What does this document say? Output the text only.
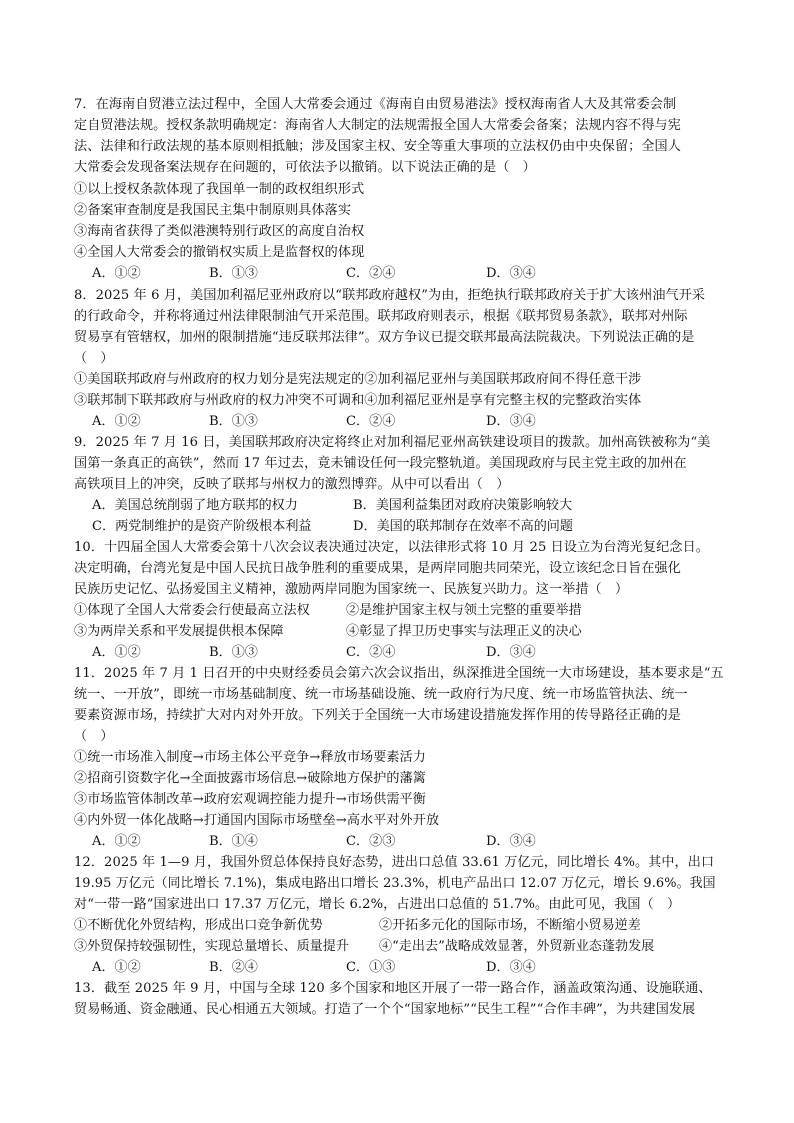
7．在海南自贸港立法过程中，全国人大常委会通过《海南自由贸易港法》授权海南省人大及其常委会制
定自贸港法规。授权条款明确规定：海南省人大制定的法规需报全国人大常委会备案；法规内容不得与宪
法、法律和行政法规的基本原则相抵触；涉及国家主权、安全等重大事项的立法权仍由中央保留；全国人
大常委会发现备案法规存在问题的，可依法予以撤销。以下说法正确的是（　）
①以上授权条款体现了我国单一制的政权组织形式
②备案审查制度是我国民主集中制原则具体落实
③海南省获得了类似港澳特别行政区的高度自治权
④全国人大常委会的撤销权实质上是监督权的体现
A．①②	B．①③	C．②④	D．③④
8．2025 年 6 月，美国加利福尼亚州政府以“联邦政府越权”为由，拒绝执行联邦政府关于扩大该州油气开采
的行政命令，并称将通过州法律限制油气开采范围。联邦政府则表示，根据《联邦贸易条款》，联邦对州际
贸易享有管辖权，加州的限制措施“违反联邦法律”。双方争议已提交联邦最高法院裁决。下列说法正确的是
（　）
①美国联邦政府与州政府的权力划分是宪法规定的②加利福尼亚州与美国联邦政府间不得任意干涉
③联邦制下联邦政府与州政府的权力冲突不可调和④加利福尼亚州是享有完整主权的完整政治实体
A．①②	B．①③	C．②④	D．③④
9．2025 年 7 月 16 日，美国联邦政府决定将终止对加利福尼亚州高铁建设项目的拨款。加州高铁被称为“美
国第一条真正的高铁”，然而 17 年过去，竟未铺设任何一段完整轨道。美国现政府与民主党主政的加州在
高铁项目上的冲突，反映了联邦与州权力的激烈博弈。从中可以看出（　）
A．美国总统削弱了地方联邦的权力	B．美国利益集团对政府决策影响较大
C．两党制维护的是资产阶级根本利益	D．美国的联邦制存在效率不高的问题
10．十四届全国人大常委会第十八次会议表决通过决定，以法律形式将 10 月 25 日设立为台湾光复纪念日。
决定明确，台湾光复是中国人民抗日战争胜利的重要成果，是两岸同胞共同荣光，设立该纪念日旨在强化
民族历史记忆、弘扬爱国主义精神，激励两岸同胞为国家统一、民族复兴助力。这一举措（　）
①体现了全国人大常委会行使最高立法权	②是维护国家主权与领土完整的重要举措
③为两岸关系和平发展提供根本保障	④彰显了捍卫历史事实与法理正义的决心
A．①②	B．①③	C．②④	D．③④
11．2025 年 7 月 1 日召开的中央财经委员会第六次会议指出，纵深推进全国统一大市场建设，基本要求是“五
统一、一开放”，即统一市场基础制度、统一市场基础设施、统一政府行为尺度、统一市场监管执法、统一
要素资源市场，持续扩大对内对外开放。下列关于全国统一大市场建设措施发挥作用的传导路径正确的是
（　）
①统一市场准入制度→市场主体公平竞争→释放市场要素活力
②招商引资数字化→全面披露市场信息→破除地方保护的藩篱
③市场监管体制改革→政府宏观调控能力提升→市场供需平衡
④内外贸一体化战略→打通国内国际市场壁垒→高水平对外开放
A．①②	B．①④	C．②③	D．③④
12．2025 年 1—9 月，我国外贸总体保持良好态势，进出口总值 33.61 万亿元，同比增长 4%。其中，出口
19.95 万亿元（同比增长 7.1%)，集成电路出口增长 23.3%，机电产品出口 12.07 万亿元，增长 9.6%。我国
对“一带一路”国家进出口 17.37 万亿元，增长 6.2%，占进出口总值的 51.7%。由此可见，我国（　）
①不断优化外贸结构，形成出口竞争新优势	②开拓多元化的国际市场，不断缩小贸易逆差
③外贸保持较强韧性，实现总量增长、质量提升 ④“走出去”战略成效显著，外贸新业态蓬勃发展
A．①②	B．②④	C．①③	D．③④
13．截至 2025 年 9 月，中国与全球 120 多个国家和地区开展了一带一路合作，涵盖政策沟通、设施联通、
贸易畅通、资金融通、民心相通五大领域。打造了一个个“国家地标”“民生工程”“合作丰碑”，为共建国发展
